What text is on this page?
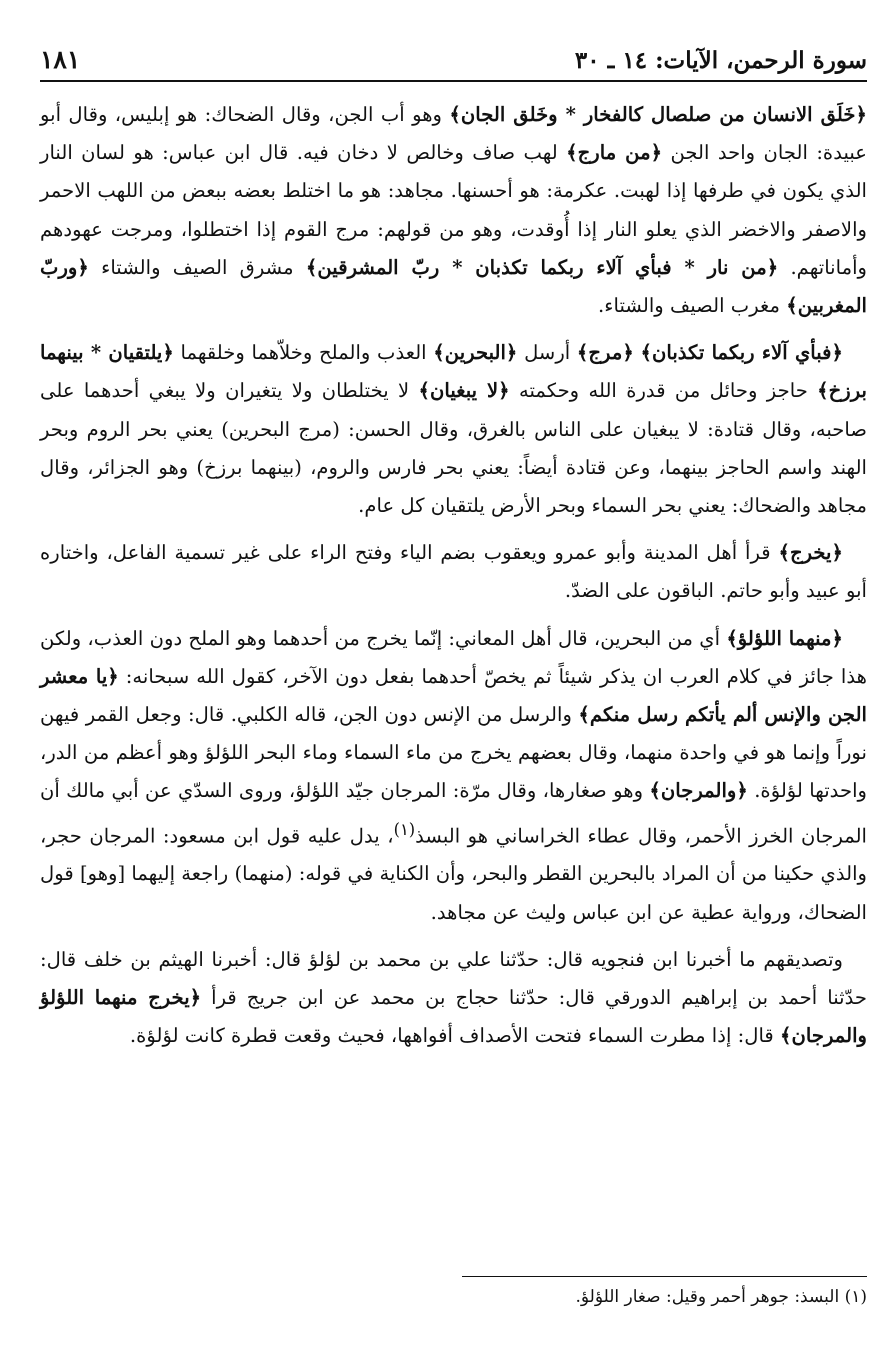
سورة الرحمن، الآيات: ١٤ ـ ٣٠
١٨١

﴿خَلَق الانسان من صلصال كالفخار * وخَلق الجان﴾ وهو أب الجن، وقال الضحاك: هو إبليس، وقال أبو عبيدة: الجان واحد الجن ﴿من مارج﴾ لهب صاف وخالص لا دخان فيه. قال ابن عباس: هو لسان النار الذي يكون في طرفها إذا لهبت. عكرمة: هو أحسنها. مجاهد: هو ما اختلط بعضه ببعض من اللهب الاحمر والاصفر والاخضر الذي يعلو النار إذا أُوقدت، وهو من قولهم: مرج القوم إذا اختطلوا، ومرجت عهودهم وأماناتهم. ﴿من نار * فبأي آلاء ربكما تكذبان * ربّ المشرقين﴾ مشرق الصيف والشتاء ﴿وربّ المغربين﴾ مغرب الصيف والشتاء.

﴿فبأي آلاء ربكما تكذبان﴾ ﴿مرج﴾ أرسل ﴿البحرين﴾ العذب والملح وخلاّهما وخلقهما ﴿يلتقيان * بينهما برزخ﴾ حاجز وحائل من قدرة الله وحكمته ﴿لا يبغيان﴾ لا يختلطان ولا يتغيران ولا يبغي أحدهما على صاحبه، وقال قتادة: لا يبغيان على الناس بالغرق، وقال الحسن: (مرج البحرين) يعني بحر الروم وبحر الهند واسم الحاجز بينهما، وعن قتادة أيضاً: يعني بحر فارس والروم، (بينهما برزخ) وهو الجزائر، وقال مجاهد والضحاك: يعني بحر السماء وبحر الأرض يلتقيان كل عام.

﴿يخرج﴾ قرأ أهل المدينة وأبو عمرو ويعقوب بضم الياء وفتح الراء على غير تسمية الفاعل، واختاره أبو عبيد وأبو حاتم. الباقون على الضدّ.

﴿منهما اللؤلؤ﴾ أي من البحرين، قال أهل المعاني: إنّما يخرج من أحدهما وهو الملح دون العذب، ولكن هذا جائز في كلام العرب ان يذكر شيئاً ثم يخصّ أحدهما بفعل دون الآخر، كقول الله سبحانه: ﴿يا معشر الجن والإنس ألم يأتكم رسل منكم﴾ والرسل من الإنس دون الجن، قاله الكلبي. قال: وجعل القمر فيهن نوراً وإنما هو في واحدة منهما، وقال بعضهم يخرج من ماء السماء وماء البحر اللؤلؤ وهو أعظم من الدر، واحدتها لؤلؤة. ﴿والمرجان﴾ وهو صغارها، وقال مرّة: المرجان جيّد اللؤلؤ، وروى السدّي عن أبي مالك أن المرجان الخرز الأحمر، وقال عطاء الخراساني هو البسذ$^{(١)}$، يدل عليه قول ابن مسعود: المرجان حجر، والذي حكينا من أن المراد بالبحرين القطر والبحر، وأن الكناية في قوله: (منهما) راجعة إليهما [وهو] قول الضحاك، ورواية عطية عن ابن عباس وليث عن مجاهد.

وتصديقهم ما أخبرنا ابن فنجويه قال: حدّثنا علي بن محمد بن لؤلؤ قال: أخبرنا الهيثم بن خلف قال: حدّثنا أحمد بن إبراهيم الدورقي قال: حدّثنا حجاج بن محمد عن ابن جريج قرأ ﴿يخرج منهما اللؤلؤ والمرجان﴾ قال: إذا مطرت السماء فتحت الأصداف أفواهها، فحيث وقعت قطرة كانت لؤلؤة.

(١) البسذ: جوهر أحمر وقيل: صغار اللؤلؤ.
